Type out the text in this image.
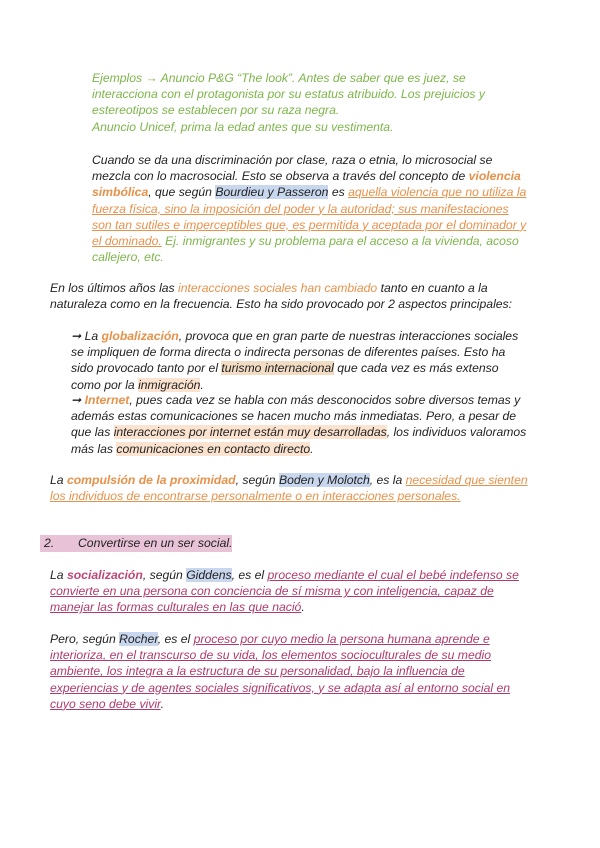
Ejemplos → Anuncio P&G “The look”. Antes de saber que es juez, se
interacciona con el protagonista por su estatus atribuido. Los prejuicios y
estereotipos se establecen por su raza negra.
Anuncio Unicef, prima la edad antes que su vestimenta.
Cuando se da una discriminación por clase, raza o etnia, lo microsocial se
mezcla con lo macrosocial. Esto se observa a través del concepto de violencia
simbólica, que según Bourdieu y Passeron es aquella violencia que no utiliza la
fuerza física, sino la imposición del poder y la autoridad; sus manifestaciones
son tan sutiles e imperceptibles que, es permitida y aceptada por el dominador y
el dominado. Ej. inmigrantes y su problema para el acceso a la vivienda, acoso
callejero, etc.
En los últimos años las interacciones sociales han cambiado tanto en cuanto a la
naturaleza como en la frecuencia. Esto ha sido provocado por 2 aspectos principales:
➞ La globalización, provoca que en gran parte de nuestras interacciones sociales
se impliquen de forma directa o indirecta personas de diferentes países. Esto ha
sido provocado tanto por el turismo internacional que cada vez es más extenso
como por la inmigración.
➞ Internet, pues cada vez se habla con más desconocidos sobre diversos temas y
además estas comunicaciones se hacen mucho más inmediatas. Pero, a pesar de
que las interacciones por internet están muy desarrolladas, los individuos valoramos
más las comunicaciones en contacto directo.
La compulsión de la proximidad, según Boden y Molotch, es la necesidad que sienten
los individuos de encontrarse personalmente o en interacciones personales.
2. Convertirse en un ser social.
La socialización, según Giddens, es el proceso mediante el cual el bebé indefenso se
convierte en una persona con conciencia de sí misma y con inteligencia, capaz de
manejar las formas culturales en las que nació.
Pero, según Rocher, es el proceso por cuyo medio la persona humana aprende e
interioriza, en el transcurso de su vida, los elementos socioculturales de su medio
ambiente, los integra a la estructura de su personalidad, bajo la influencia de
experiencias y de agentes sociales significativos, y se adapta así al entorno social en
cuyo seno debe vivir.
